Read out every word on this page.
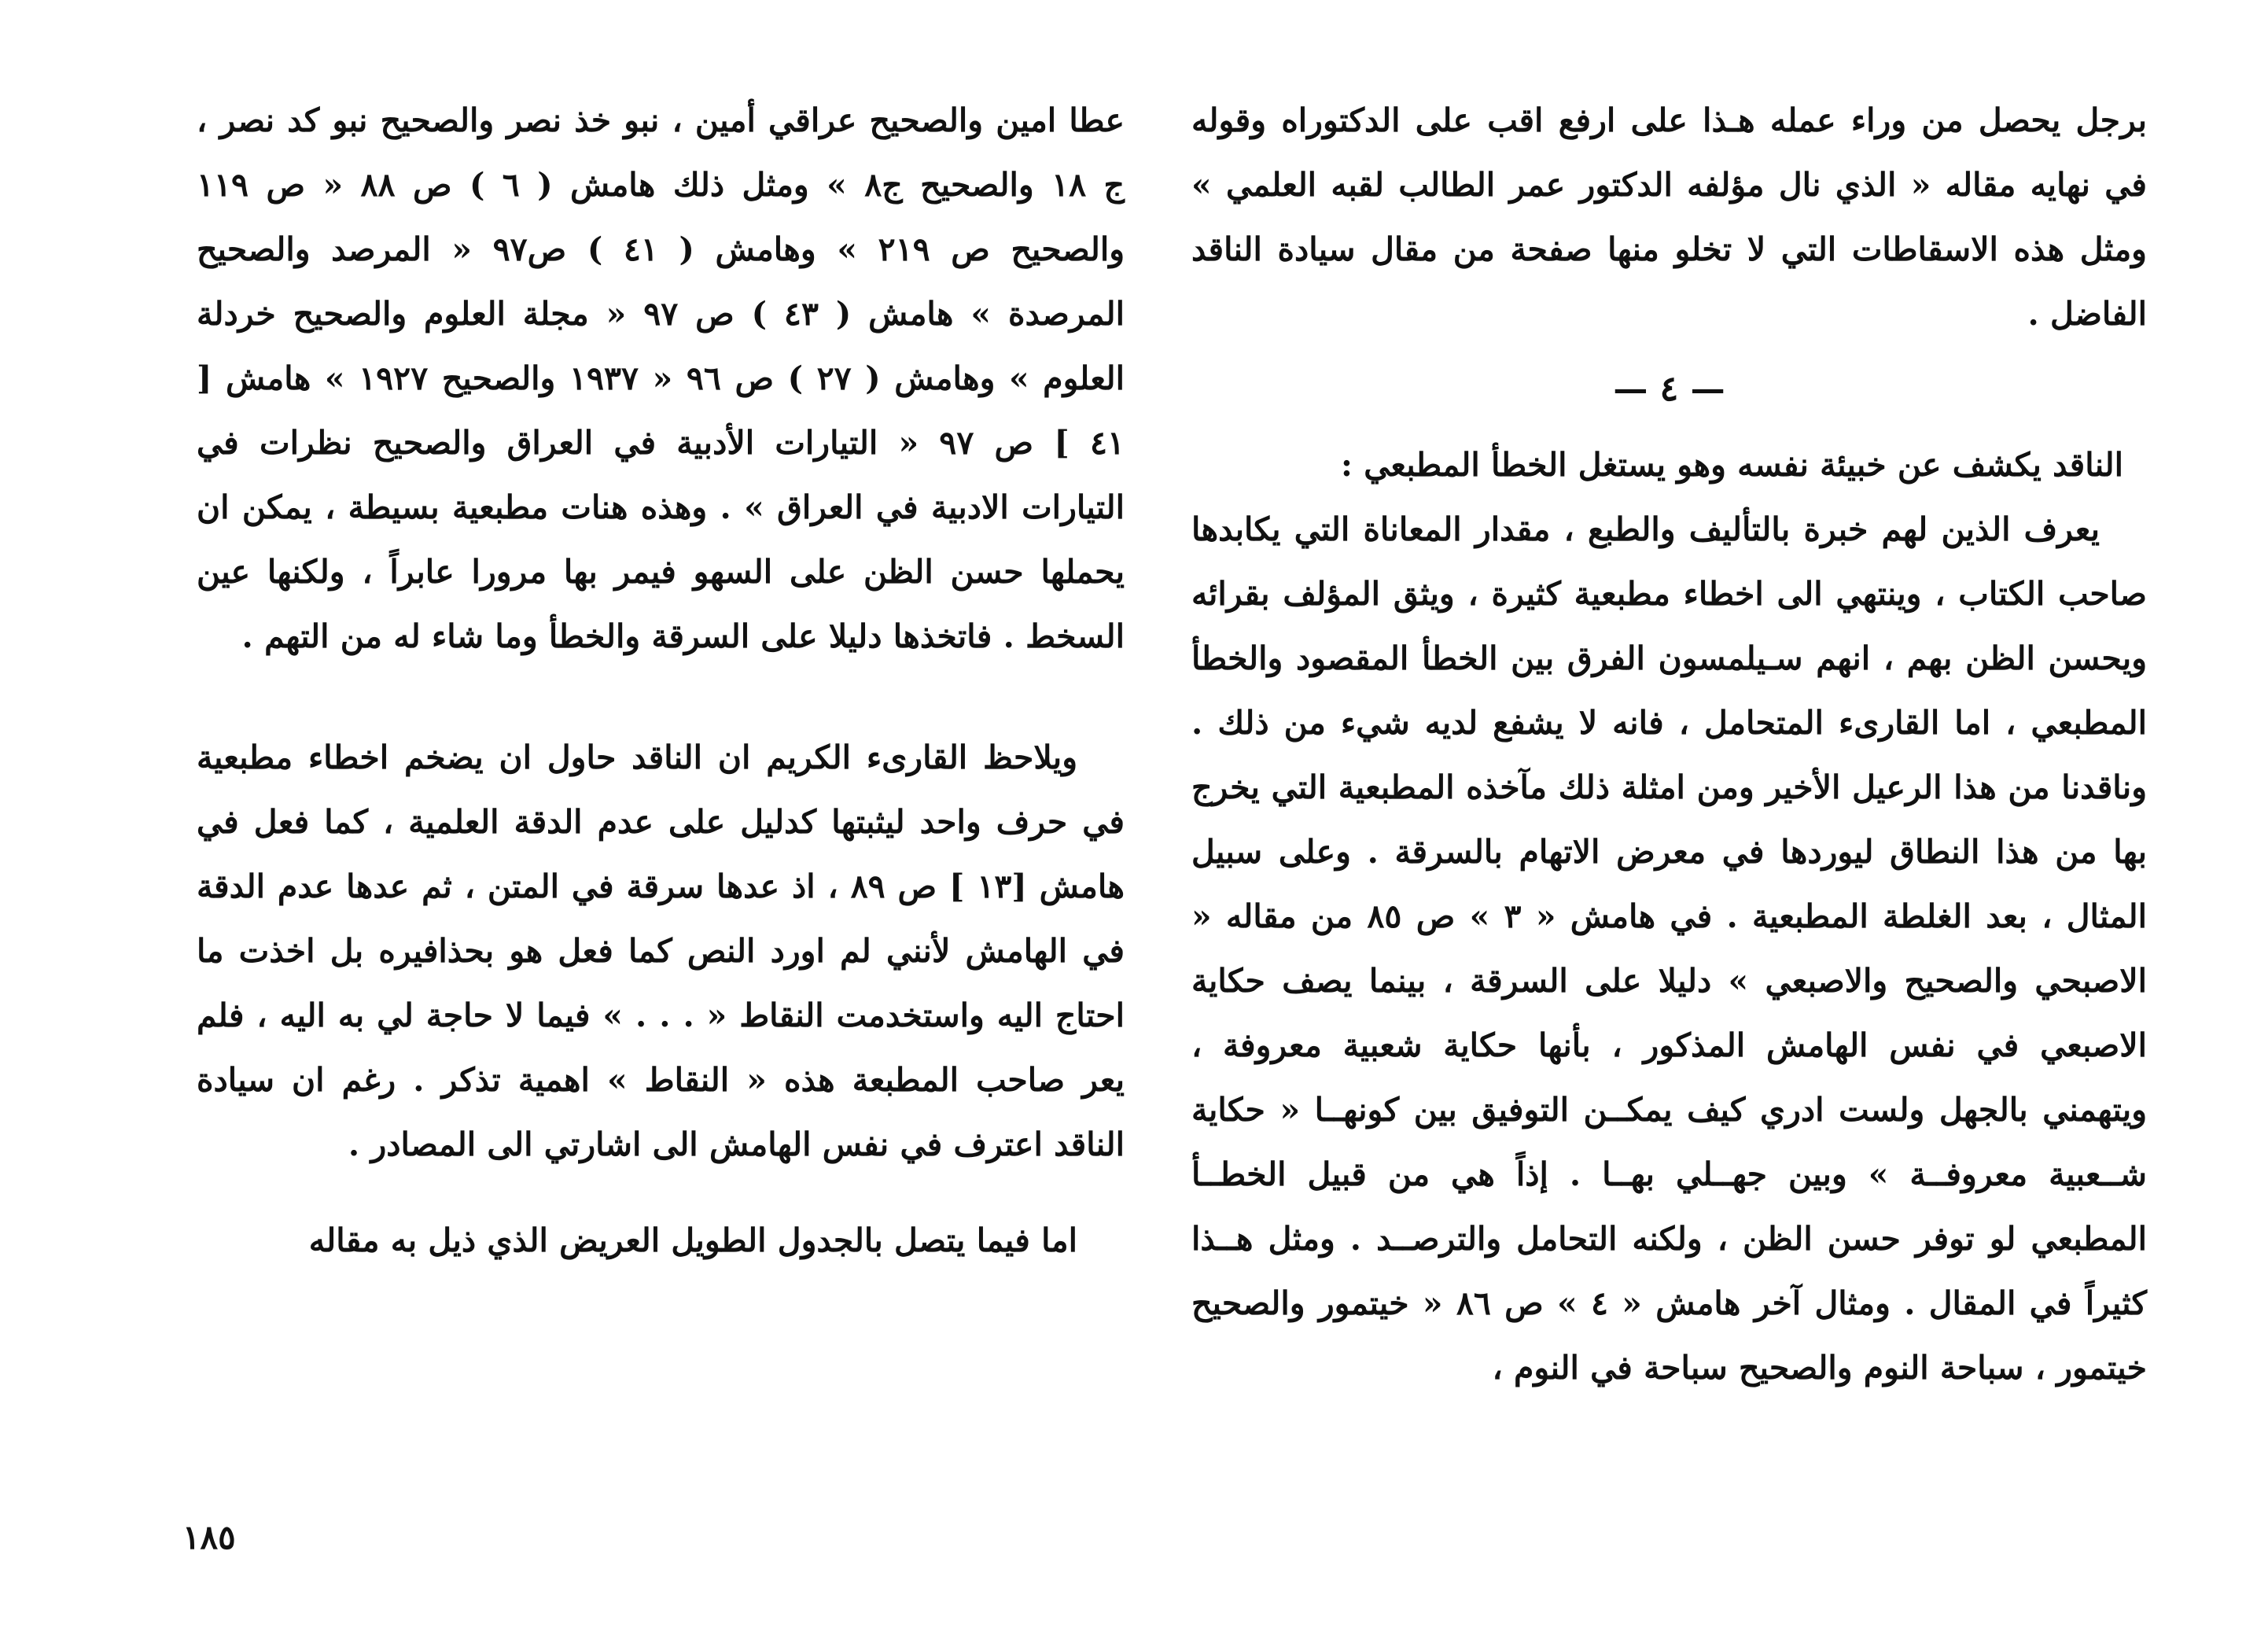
برجل يحصل من وراء عمله هـذا على ارفع اقب على الدكتوراه وقوله في نهايه مقاله « الذي نال مؤلفه الدكتور عمر الطالب لقبه العلمي » ومثل هذه الاسقاطات التي لا تخلو منها صفحة من مقال سيادة الناقد الفاضل .

— ٤ —

الناقد يكشف عن خبيئة نفسه وهو يستغل الخطأ المطبعي :

يعرف الذين لهم خبرة بالتأليف والطبع ، مقدار المعاناة التي يكابدها صاحب الكتاب ، وينتهي الى اخطاء مطبعية كثيرة ، ويثق المؤلف بقرائه ويحسن الظن بهم ، انهم سـيلمسون الفرق بين الخطأ المقصود والخطأ المطبعي ، اما القارىء المتحامل ، فانه لا يشفع لديه شيء من ذلك . وناقدنا من هذا الرعيل الأخير ومن امثلة ذلك مآخذه المطبعية التي يخرج بها من هذا النطاق ليوردها في معرض الاتهام بالسرقة . وعلى سبيل المثال ، بعد الغلطة المطبعية . في هامش « ٣ » ص ٨٥ من مقاله « الاصبحي والصحيح والاصبعي » دليلا على السرقة ، بينما يصف حكاية الاصبعي في نفس الهامش المذكور ، بأنها حكاية شعبية معروفة ، ويتهمني بالجهل ولست ادري كيف يمكــن التوفيق بين كونهــا « حكاية شــعبية معروفــة » وبين جهــلي بهــا . إذاً هي من قبيل الخطــأ المطبعي لو توفر حسن الظن ، ولكنه التحامل والترصــد . ومثل هــذا كثيراً في المقال . ومثال آخر هامش « ٤ » ص ٨٦ « خيتمور والصحيح خيتمور ، سباحة النوم والصحيح سباحة في النوم ،

عطا امين والصحيح عراقي أمين ، نبو خذ نصر والصحيح نبو كد نصر ، ج ١٨ والصحيح ج٨ » ومثل ذلك هامش ( ٦ ) ص ٨٨ « ص ١١٩ والصحيح ص ٢١٩ » وهامش ( ٤١ ) ص٩٧ « المرصد والصحيح المرصدة » هامش ( ٤٣ ) ص ٩٧ « مجلة العلوم والصحيح خردلة العلوم » وهامش ( ٢٧ ) ص ٩٦ « ١٩٣٧ والصحيح ١٩٢٧ » هامش [ ٤١ ] ص ٩٧ « التيارات الأدبية في العراق والصحيح نظرات في التيارات الادبية في العراق » . وهذه هنات مطبعية بسيطة ، يمكن ان يحملها حسن الظن على السهو فيمر بها مرورا عابراً ، ولكنها عين السخط . فاتخذها دليلا على السرقة والخطأ وما شاء له من التهم .

ويلاحظ القارىء الكريم ان الناقد حاول ان يضخم اخطاء مطبعية في حرف واحد ليثبتها كدليل على عدم الدقة العلمية ، كما فعل في هامش [١٣ ] ص ٨٩ ، اذ عدها سرقة في المتن ، ثم عدها عدم الدقة في الهامش لأنني لم اورد النص كما فعل هو بحذافيره بل اخذت ما احتاج اليه واستخدمت النقاط « . . . » فيما لا حاجة لي به اليه ، فلم يعر صاحب المطبعة هذه « النقاط » اهمية تذكر . رغم ان سيادة الناقد اعترف في نفس الهامش الى اشارتي الى المصادر .

اما فيما يتصل بالجدول الطويل العريض الذي ذيل به مقاله

١٨٥
